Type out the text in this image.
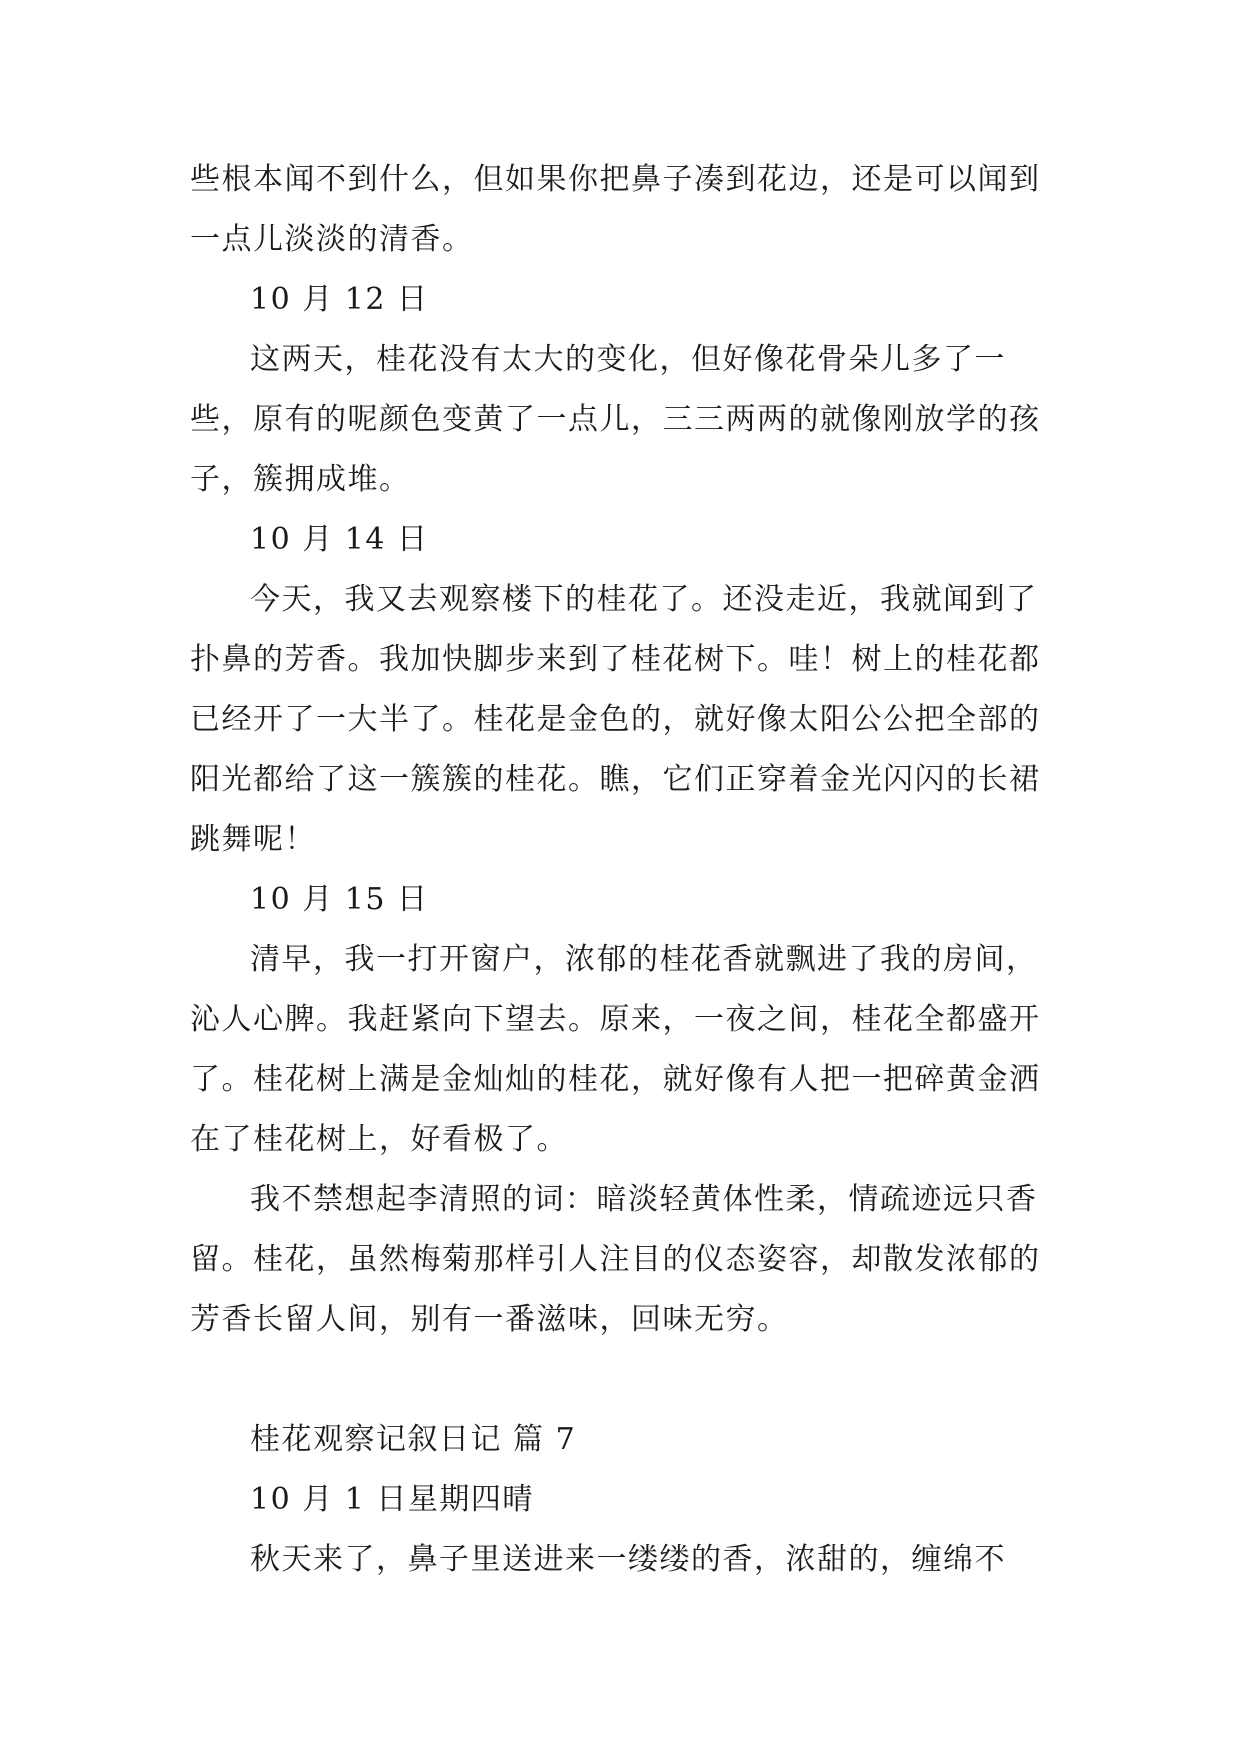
些根本闻不到什么，但如果你把鼻子凑到花边，还是可以闻到一点儿淡淡的清香。

10 月 12 日

这两天，桂花没有太大的变化，但好像花骨朵儿多了一些，原有的呢颜色变黄了一点儿，三三两两的就像刚放学的孩子，簇拥成堆。

10 月 14 日

今天，我又去观察楼下的桂花了。还没走近，我就闻到了扑鼻的芳香。我加快脚步来到了桂花树下。哇！树上的桂花都已经开了一大半了。桂花是金色的，就好像太阳公公把全部的阳光都给了这一簇簇的桂花。瞧，它们正穿着金光闪闪的长裙跳舞呢！

10 月 15 日

清早，我一打开窗户，浓郁的桂花香就飘进了我的房间，沁人心脾。我赶紧向下望去。原来，一夜之间，桂花全都盛开了。桂花树上满是金灿灿的桂花，就好像有人把一把碎黄金洒在了桂花树上，好看极了。

我不禁想起李清照的词：暗淡轻黄体性柔，情疏迹远只香留。桂花，虽然梅菊那样引人注目的仪态姿容，却散发浓郁的芳香长留人间，别有一番滋味，回味无穷。

桂花观察记叙日记 篇 7

10 月 1 日星期四晴

秋天来了，鼻子里送进来一缕缕的香，浓甜的，缠绵不
